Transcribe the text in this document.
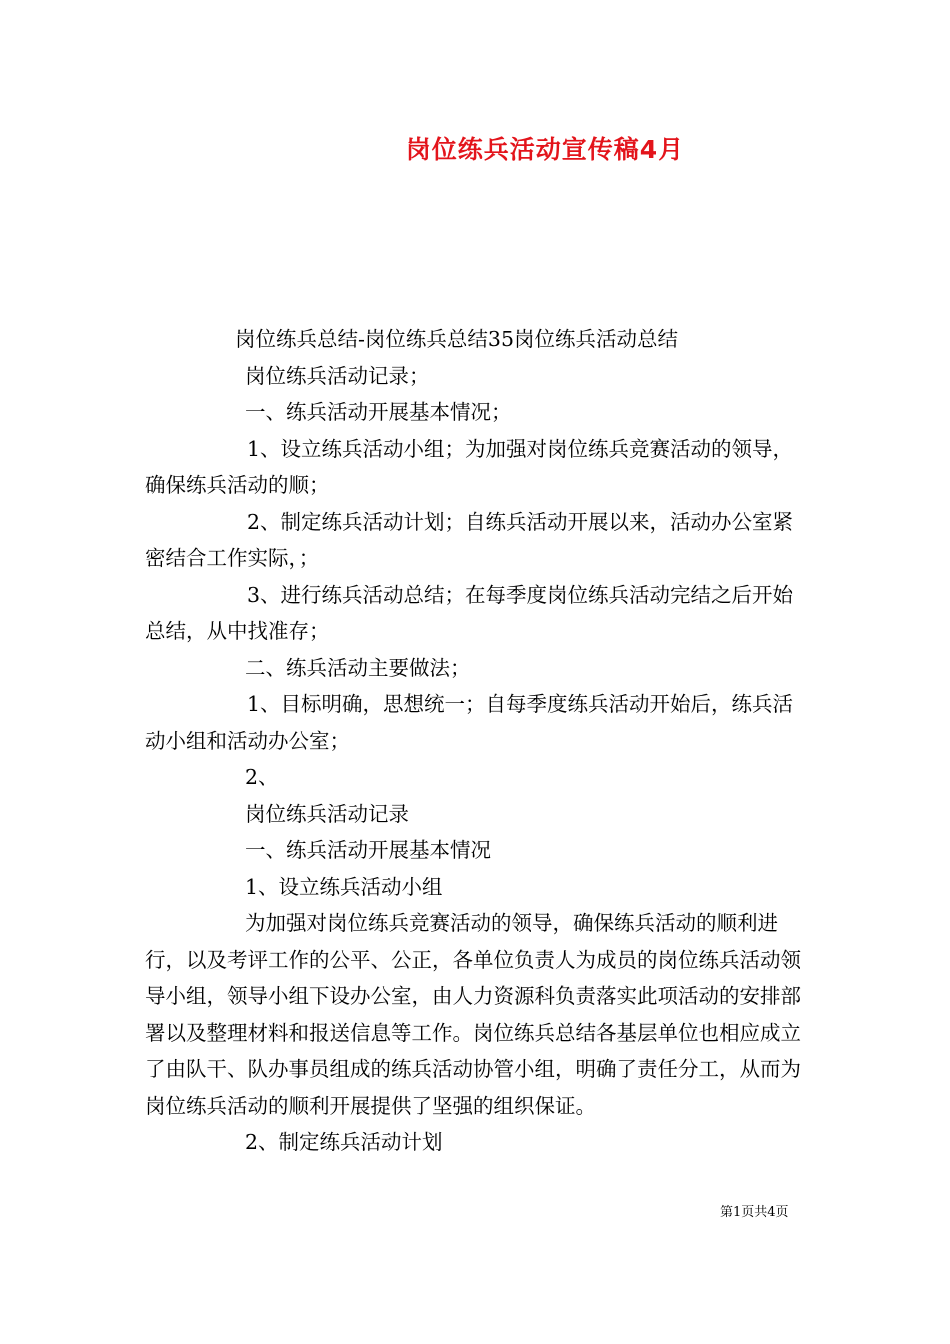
岗位练兵活动宣传稿4月

岗位练兵总结-岗位练兵总结35岗位练兵活动总结

岗位练兵活动记录；

一、练兵活动开展基本情况；

1、设立练兵活动小组；为加强对岗位练兵竞赛活动的领导，确保练兵活动的顺；

2、制定练兵活动计划；自练兵活动开展以来，活动办公室紧密结合工作实际，；

3、进行练兵活动总结；在每季度岗位练兵活动完结之后开始总结，从中找准存；

二、练兵活动主要做法；

1、目标明确，思想统一；自每季度练兵活动开始后，练兵活动小组和活动办公室；

2、

岗位练兵活动记录

一、练兵活动开展基本情况

1、设立练兵活动小组

为加强对岗位练兵竞赛活动的领导，确保练兵活动的顺利进行，以及考评工作的公平、公正，各单位负责人为成员的岗位练兵活动领导小组，领导小组下设办公室，由人力资源科负责落实此项活动的安排部署以及整理材料和报送信息等工作。岗位练兵总结各基层单位也相应成立了由队干、队办事员组成的练兵活动协管小组，明确了责任分工，从而为岗位练兵活动的顺利开展提供了坚强的组织保证。

2、制定练兵活动计划

第1页共4页
